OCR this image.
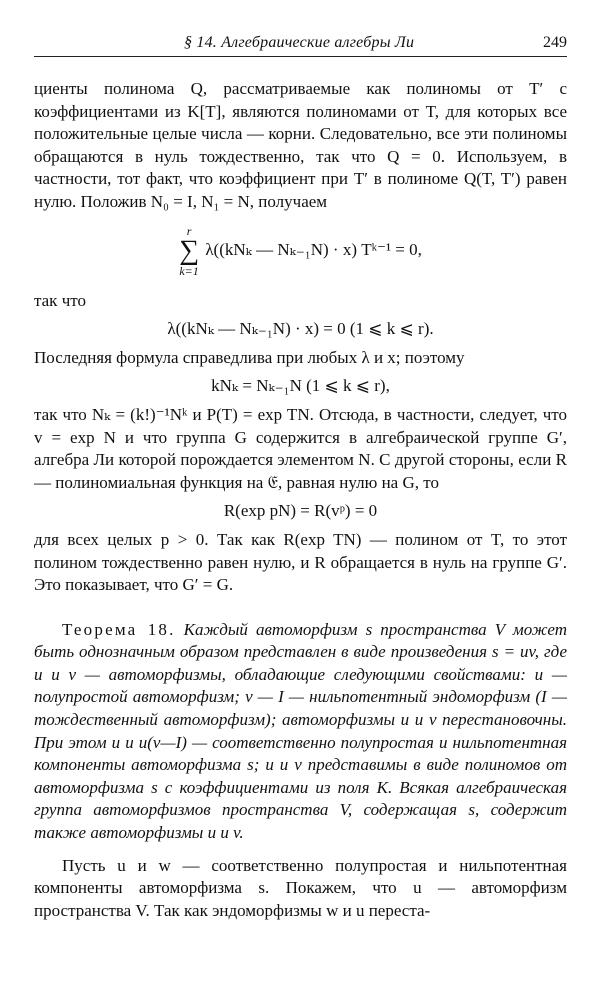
§ 14. Алгебраические алгебры Ли	249

циенты полинома Q, рассматриваемые как полиномы от T′ с коэффициентами из K[T], являются полиномами от T, для которых все положительные целые числа — корни. Следовательно, все эти полиномы обращаются в нуль тождественно, так что Q = 0. Используем, в частности, тот факт, что коэффициент при T′ в полиноме Q(T, T′) равен нулю. Положив N₀ = I, N₁ = N, получаем

r
∑
k=1
λ((kNₖ — Nₖ₋₁N) · x) Tᵏ⁻¹ = 0,

так что

λ((kNₖ — Nₖ₋₁N) · x) = 0 (1 ⩽ k ⩽ r).

Последняя формула справедлива при любых λ и x; поэтому

kNₖ = Nₖ₋₁N (1 ⩽ k ⩽ r),

так что Nₖ = (k!)⁻¹Nᵏ и P(T) = exp TN. Отсюда, в частности, следует, что v = exp N и что группа G содержится в алгебраической группе G′, алгебра Ли которой порождается элементом N. С другой стороны, если R — полиномиальная функция на 𝔈, равная нулю на G, то

R(exp pN) = R(vᵖ) = 0

для всех целых p > 0. Так как R(exp TN) — полином от T, то этот полином тождественно равен нулю, и R обращается в нуль на группе G′. Это показывает, что G′ = G.

Теорема 18. Каждый автоморфизм s пространства V может быть однозначным образом представлен в виде произведения s = uv, где u и v — автоморфизмы, обладающие следующими свойствами: u — полупростой автоморфизм; v — I — нильпотентный эндоморфизм (I — тождественный автоморфизм); автоморфизмы u и v перестановочны. При этом u и u(v—I) — соответственно полупростая и нильпотентная компоненты автоморфизма s; u и v представимы в виде полиномов от автоморфизма s с коэффициентами из поля K. Всякая алгебраическая группа автоморфизмов пространства V, содержащая s, содержит также автоморфизмы u и v.

Пусть u и w — соответственно полупростая и нильпотентная компоненты автоморфизма s. Покажем, что u — автоморфизм пространства V. Так как эндоморфизмы w и u переста-
